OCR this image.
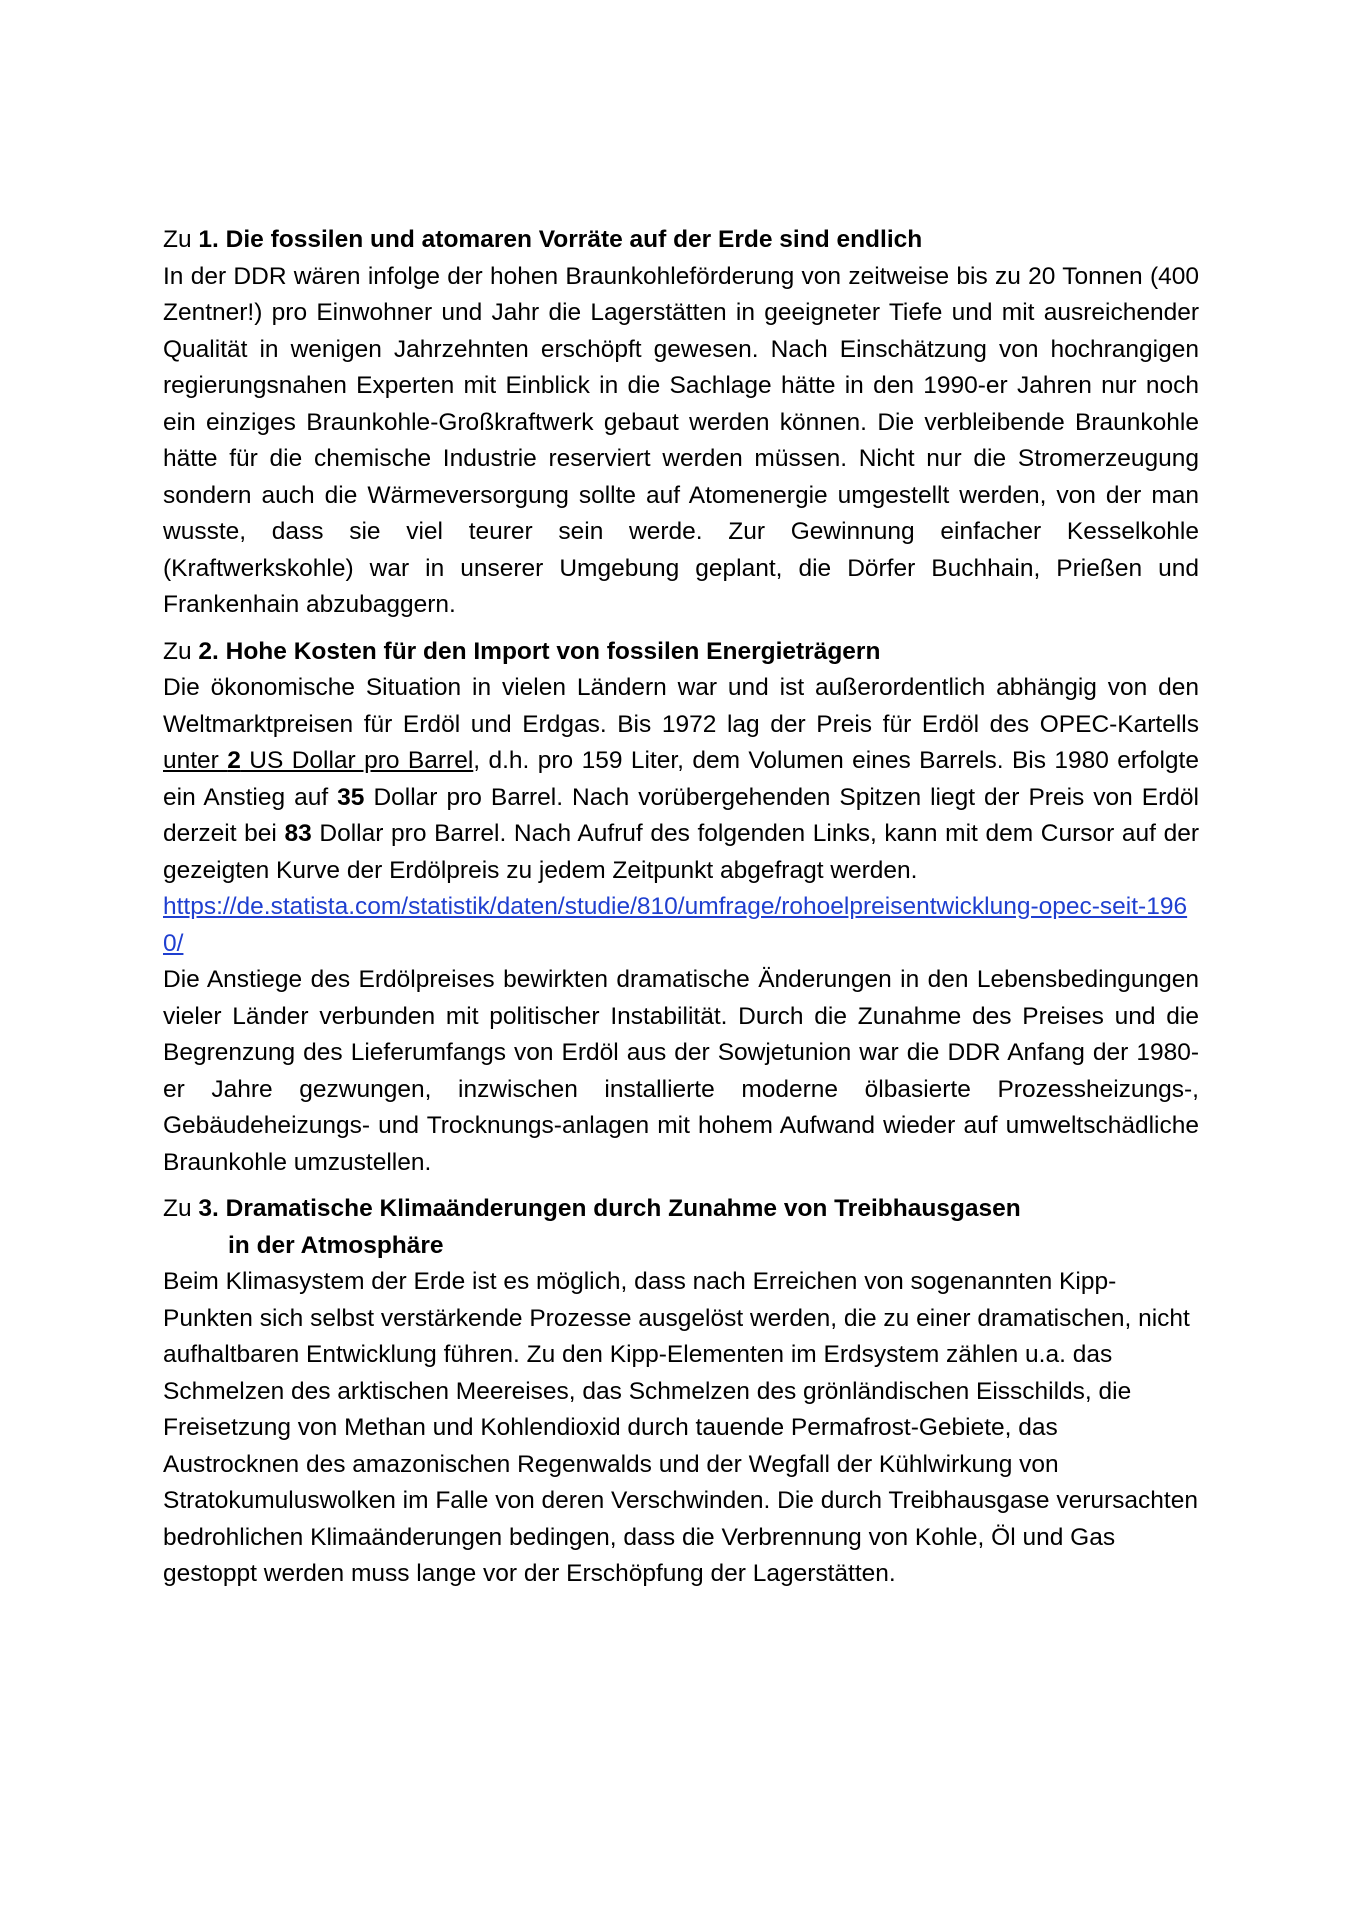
Zu 1. Die fossilen und atomaren Vorräte auf der Erde sind endlich

In der DDR wären infolge der hohen Braunkohleförderung von zeitweise bis zu 20 Tonnen (400 Zentner!) pro Einwohner und Jahr die Lagerstätten in geeigneter Tiefe und mit ausreichender Qualität in wenigen Jahrzehnten erschöpft gewesen. Nach Einschätzung von hochrangigen regierungsnahen Experten mit Einblick in die Sachlage hätte in den 1990-er Jahren nur noch ein einziges Braunkohle-Großkraftwerk gebaut werden können. Die verbleibende Braunkohle hätte für die chemische Industrie reserviert werden müssen. Nicht nur die Stromerzeugung sondern auch die Wärmeversorgung sollte auf Atomenergie umgestellt werden, von der man wusste, dass sie viel teurer sein werde. Zur Gewinnung einfacher Kesselkohle (Kraftwerkskohle) war in unserer Umgebung geplant, die Dörfer Buchhain, Prießen und Frankenhain abzubaggern.

Zu 2. Hohe Kosten für den Import von fossilen Energieträgern

Die ökonomische Situation in vielen Ländern war und ist außerordentlich abhängig von den Weltmarktpreisen für Erdöl und Erdgas. Bis 1972 lag der Preis für Erdöl des OPEC-Kartells unter 2 US Dollar pro Barrel, d.h. pro 159 Liter, dem Volumen eines Barrels. Bis 1980 erfolgte ein Anstieg auf 35 Dollar pro Barrel. Nach vorübergehenden Spitzen liegt der Preis von Erdöl derzeit bei 83 Dollar pro Barrel. Nach Aufruf des folgenden Links, kann mit dem Cursor auf der gezeigten Kurve der Erdölpreis zu jedem Zeitpunkt abgefragt werden.

https://de.statista.com/statistik/daten/studie/810/umfrage/rohoelpreisentwicklung-opec-seit-1960/

Die Anstiege des Erdölpreises bewirkten dramatische Änderungen in den Lebensbedingungen vieler Länder verbunden mit politischer Instabilität. Durch die Zunahme des Preises und die Begrenzung des Lieferumfangs von Erdöl aus der Sowjetunion war die DDR Anfang der 1980-er Jahre gezwungen, inzwischen installierte moderne ölbasierte Prozessheizungs-, Gebäudeheizungs- und Trocknungs-anlagen mit hohem Aufwand wieder auf umweltschädliche Braunkohle umzustellen.

Zu 3. Dramatische Klimaänderungen durch Zunahme von Treibhausgasen
in der Atmosphäre

Beim Klimasystem der Erde ist es möglich, dass nach Erreichen von sogenannten Kipp-Punkten sich selbst verstärkende Prozesse ausgelöst werden, die zu einer dramatischen, nicht aufhaltbaren Entwicklung führen. Zu den Kipp-Elementen im Erdsystem zählen u.a. das Schmelzen des arktischen Meereises, das Schmelzen des grönländischen Eisschilds, die Freisetzung von Methan und Kohlendioxid durch tauende Permafrost-Gebiete, das Austrocknen des amazonischen Regenwalds und der Wegfall der Kühlwirkung von Stratokumuluswolken im Falle von deren Verschwinden. Die durch Treibhausgase verursachten bedrohlichen Klimaänderungen bedingen, dass die Verbrennung von Kohle, Öl und Gas gestoppt werden muss lange vor der Erschöpfung der Lagerstätten.
